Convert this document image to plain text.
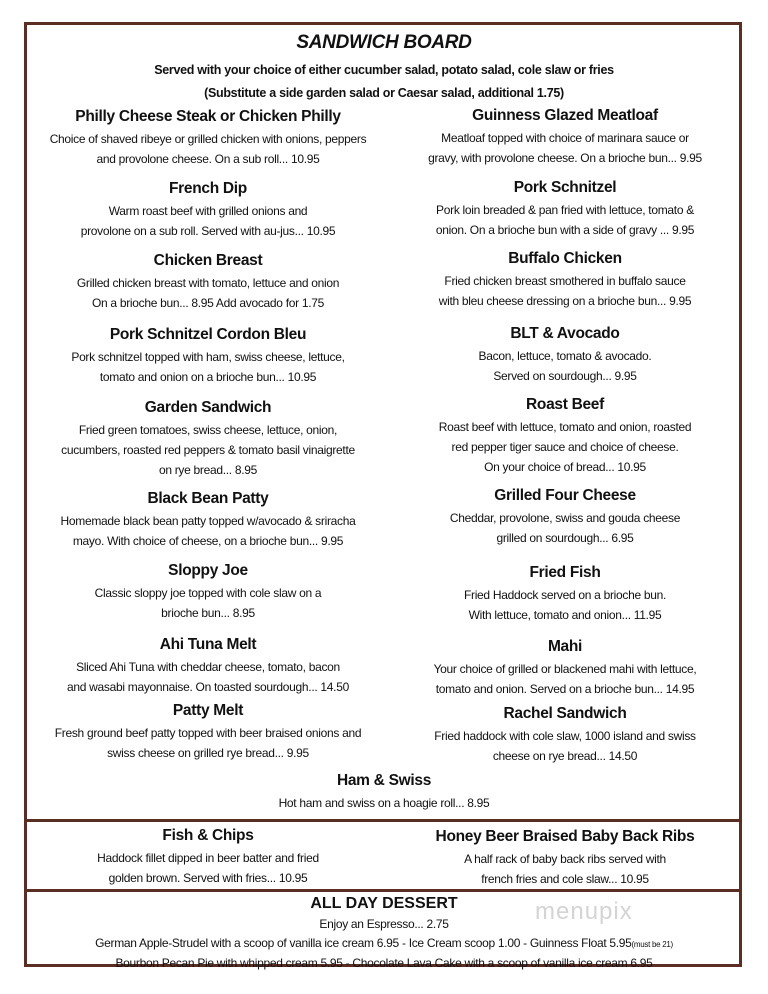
SANDWICH BOARD
Served with your choice of either cucumber salad, potato salad, cole slaw or fries
(Substitute a side garden salad or Caesar salad, additional 1.75)
Philly Cheese Steak or Chicken Philly
Choice of shaved ribeye or grilled chicken with onions, peppers
and provolone cheese. On a sub roll... 10.95
French Dip
Warm roast beef with grilled onions and
provolone on a sub roll. Served with au-jus... 10.95
Chicken Breast
Grilled chicken breast with tomato, lettuce and onion
On a brioche bun... 8.95 Add avocado for 1.75
Pork Schnitzel Cordon Bleu
Pork schnitzel topped with ham, swiss cheese, lettuce,
tomato and onion on a brioche bun... 10.95
Garden Sandwich
Fried green tomatoes, swiss cheese, lettuce, onion,
cucumbers, roasted red peppers & tomato basil vinaigrette
on rye bread... 8.95
Black Bean Patty
Homemade black bean patty topped w/avocado & sriracha
mayo. With choice of cheese, on a brioche bun... 9.95
Sloppy Joe
Classic sloppy joe topped with cole slaw on a
brioche bun... 8.95
Ahi Tuna Melt
Sliced Ahi Tuna with cheddar cheese, tomato, bacon
and wasabi mayonnaise. On toasted sourdough... 14.50
Patty Melt
Fresh ground beef patty topped with beer braised onions and
swiss cheese on grilled rye bread... 9.95
Guinness Glazed Meatloaf
Meatloaf topped with choice of marinara sauce or
gravy, with provolone cheese. On a brioche bun... 9.95
Pork Schnitzel
Pork loin breaded & pan fried with lettuce, tomato &
onion. On a brioche bun with a side of gravy ... 9.95
Buffalo Chicken
Fried chicken breast smothered in buffalo sauce
with bleu cheese dressing on a brioche bun... 9.95
BLT & Avocado
Bacon, lettuce, tomato & avocado.
Served on sourdough... 9.95
Roast Beef
Roast beef with lettuce, tomato and onion, roasted
red pepper tiger sauce and choice of cheese.
On your choice of bread... 10.95
Grilled Four Cheese
Cheddar, provolone, swiss and gouda cheese
grilled on sourdough... 6.95
Fried Fish
Fried Haddock served on a brioche bun.
With lettuce, tomato and onion... 11.95
Mahi
Your choice of grilled or blackened mahi with lettuce,
tomato and onion. Served on a brioche bun... 14.95
Rachel Sandwich
Fried haddock with cole slaw, 1000 island and swiss
cheese on rye bread... 14.50
Ham & Swiss
Hot ham and swiss on a hoagie roll... 8.95
Fish & Chips
Haddock fillet dipped in beer batter and fried
golden brown. Served with fries... 10.95
Honey Beer Braised Baby Back Ribs
A half rack of baby back ribs served with
french fries and cole slaw... 10.95
ALL DAY DESSERT
Enjoy an Espresso... 2.75
German Apple-Strudel with a scoop of vanilla ice cream 6.95 - Ice Cream scoop 1.00 - Guinness Float 5.95(must be 21)
Bourbon Pecan Pie with whipped cream 5.95 - Chocolate Lava Cake with a scoop of vanilla ice cream 6.95
menupix
